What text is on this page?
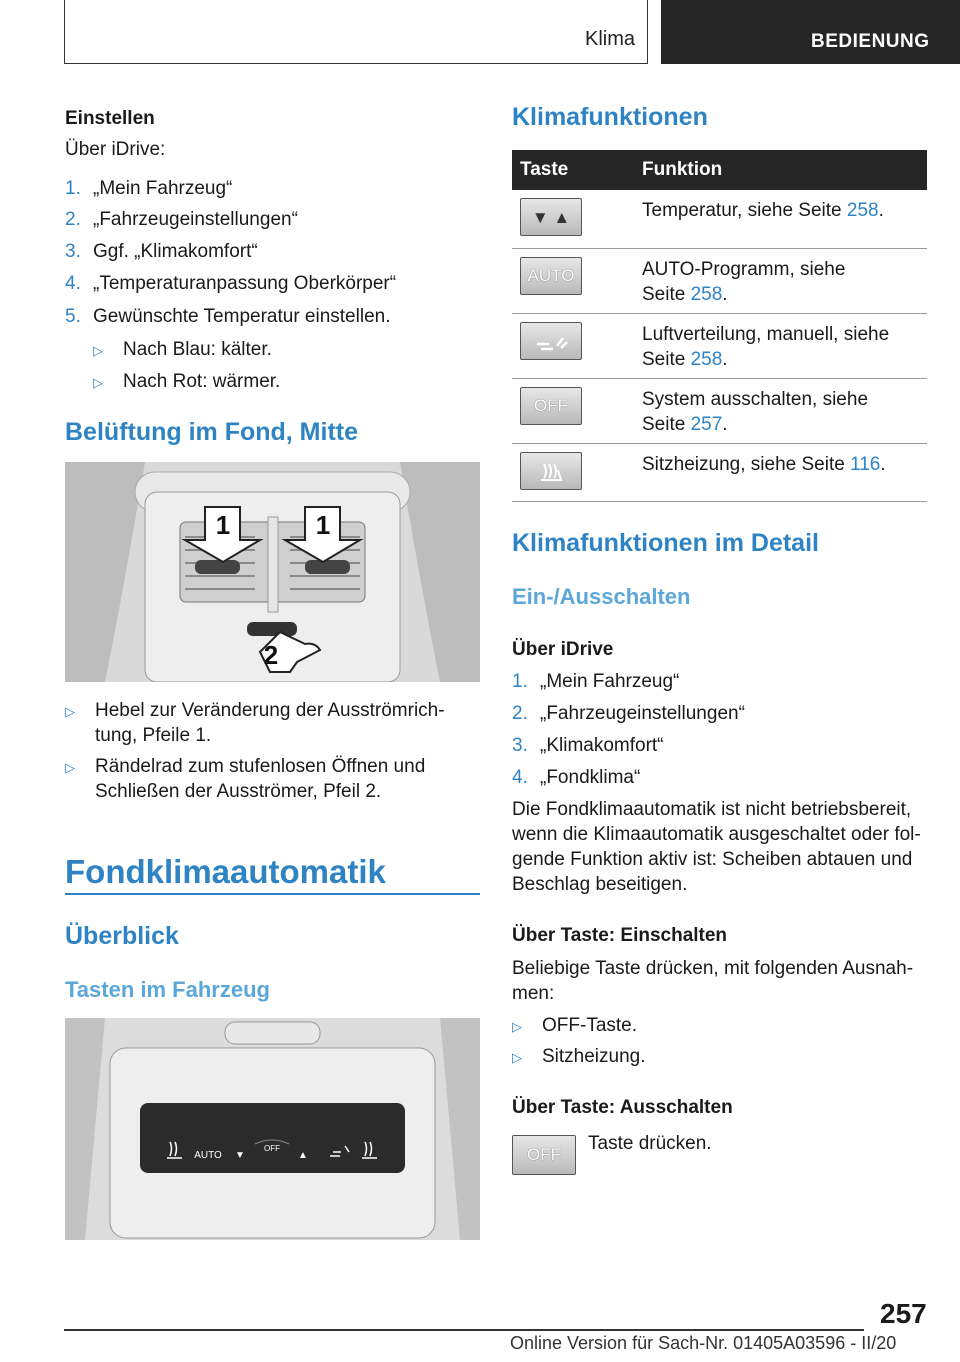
Klima	BEDIENUNG
Einstellen
Über iDrive:
1. „Mein Fahrzeug“
2. „Fahrzeugeinstellungen“
3. Ggf. „Klimakomfort“
4. „Temperaturanpassung Oberkörper“
5. Gewünschte Temperatur einstellen.
▷ Nach Blau: kälter.
▷ Nach Rot: wärmer.
Belüftung im Fond, Mitte
1	1
2
▷ Hebel zur Veränderung der Ausströmrich‐
tung, Pfeile 1.
▷ Rändelrad zum stufenlosen Öffnen und
Schließen der Ausströmer, Pfeil 2.
Fondklimaautomatik
Überblick
Tasten im Fahrzeug
AUTO ▼
OFF
▲
Klimafunktionen
Taste	Funktion

▼ ▲	Temperatur, siehe Seite 258.

AUTO	AUTO-Programm, siehe
Seite 258.

	Luftverteilung, manuell, siehe
Seite 258.

OFF	System ausschalten, siehe
Seite 257.

	Sitzheizung, siehe Seite 116.
Klimafunktionen im Detail
Ein-/Ausschalten
Über iDrive
1. „Mein Fahrzeug“
2. „Fahrzeugeinstellungen“
3. „Klimakomfort“
4. „Fondklima“
Die Fondklimaautomatik ist nicht betriebsbereit,
wenn die Klimaautomatik ausgeschaltet oder fol‐
gende Funktion aktiv ist: Scheiben abtauen und
Beschlag beseitigen.
Über Taste: Einschalten
Beliebige Taste drücken, mit folgenden Ausnah‐
men:
▷ OFF-Taste.
▷ Sitzheizung.
Über Taste: Ausschalten
OFF
Taste drücken.
257
Online Version für Sach-Nr. 01405A03596 - II/20
